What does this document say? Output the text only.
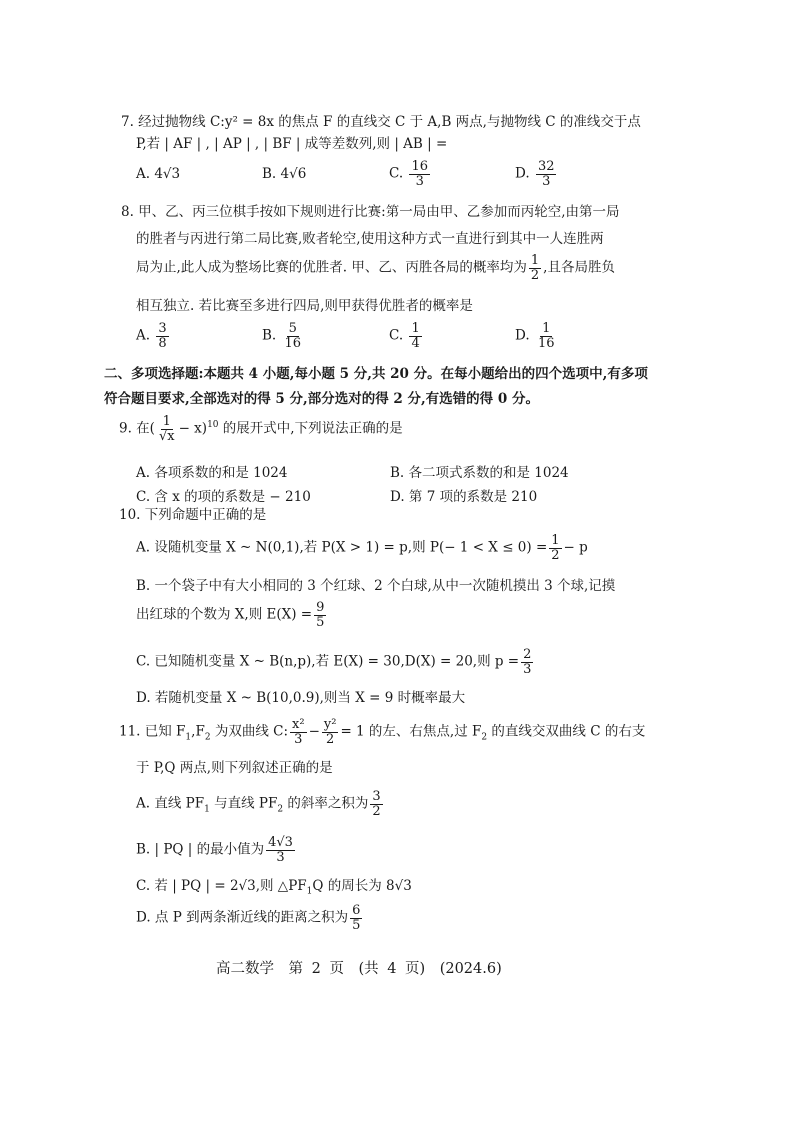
7. 经过抛物线 C:y² = 8x 的焦点 F 的直线交 C 于 A,B 两点,与抛物线 C 的准线交于点
P,若 | AF | , | AP | , | BF | 成等差数列,则 | AB | =
A. 4√3	B. 4√6	C. $\frac{16}{3}$	D. $\frac{32}{3}$
8. 甲、乙、丙三位棋手按如下规则进行比赛:第一局由甲、乙参加而丙轮空,由第一局
的胜者与丙进行第二局比赛,败者轮空,使用这种方式一直进行到其中一人连胜两
局为止,此人成为整场比赛的优胜者. 甲、乙、丙胜各局的概率均为 $\frac{1}{2}$ ,且各局胜负
相互独立. 若比赛至多进行四局,则甲获得优胜者的概率是
A. $\frac{3}{8}$	B. $\frac{5}{16}$	C. $\frac{1}{4}$	D. $\frac{1}{16}$
二、多项选择题:本题共 4 小题,每小题 5 分,共 20 分。在每小题给出的四个选项中,有多项
符合题目要求,全部选对的得 5 分,部分选对的得 2 分,有选错的得 0 分。
9. 在( $\frac{1}{√x} - x)^{10}$ 的展开式中,下列说法正确的是
A. 各项系数的和是 1024	B. 各二项式系数的和是 1024
C. 含 x 的项的系数是 − 210	D. 第 7 项的系数是 210
10. 下列命题中正确的是
A. 设随机变量 X ~ N(0,1),若 P(X > 1) = p,则 $P(- 1 < X \le 0) = \frac{1}{2} - p$
B. 一个袋子中有大小相同的 3 个红球、2 个白球,从中一次随机摸出 3 个球,记摸
出红球的个数为 X,则 $E(X) = \frac{9}{5}$
C. 已知随机变量 X ~ B(n,p),若 E(X) = 30,D(X) = 20,则 $p = \frac{2}{3}$
D. 若随机变量 X ~ B(10,0.9),则当 X = 9 时概率最大
11. 已知 $F_1,F_2$ 为双曲线 C: $\frac{\text{x²}}{3} - \frac{\text{y²}}{2} = 1$ 的左、右焦点,过 $F_2$ 的直线交双曲线 C 的右支
于 P,Q 两点,则下列叙述正确的是
A. 直线 $PF_1$ 与直线 $PF_2$ 的斜率之积为 $\frac{3}{2}$
B. | PQ | 的最小值为 $\frac{4√3}{3}$
C. 若 | PQ | = 2√3,则 $\triangle PF_1Q$ 的周长为 8√3
D. 点 P 到两条渐近线的距离之积为 $\frac{6}{5}$
高二数学　第 2 页　(共 4 页)　(2024.6)
